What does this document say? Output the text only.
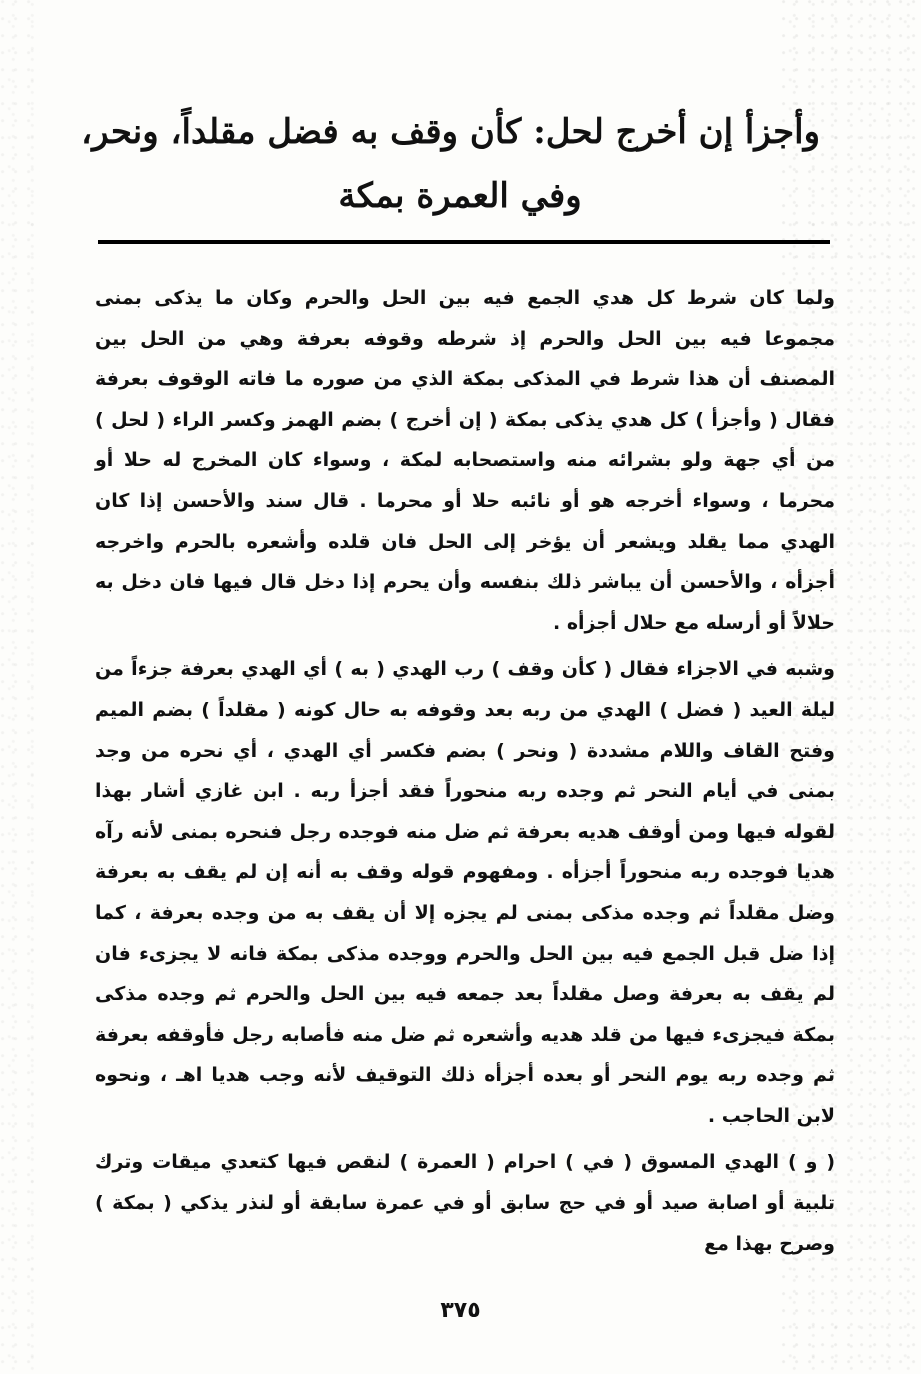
وأجزأ إن أخرج لحل: كأن وقف به فضل مقلداً، ونحر،
وفي العمرة بمكة

ولما كان شرط كل هدي الجمع فيه بين الحل والحرم وكان ما يذكى بمنى مجموعا فيه بين الحل والحرم إذ شرطه وقوفه بعرفة وهي من الحل بين المصنف أن هذا شرط في المذكى بمكة الذي من صوره ما فاته الوقوف بعرفة فقال ( وأجزأ ) كل هدي يذكى بمكة ( إن أخرج ) بضم الهمز وكسر الراء ( لحل ) من أي جهة ولو بشرائه منه واستصحابه لمكة ، وسواء كان المخرج له حلا أو محرما ، وسواء أخرجه هو أو نائبه حلا أو محرما . قال سند والأحسن إذا كان الهدي مما يقلد ويشعر أن يؤخر إلى الحل فان قلده وأشعره بالحرم واخرجه أجزأه ، والأحسن أن يباشر ذلك بنفسه وأن يحرم إذا دخل قال فيها فان دخل به حلالاً أو أرسله مع حلال أجزأه .

وشبه في الاجزاء فقال ( كأن وقف ) رب الهدي ( به ) أي الهدي بعرفة جزءاً من ليلة العيد ( فضل ) الهدي من ربه بعد وقوفه به حال كونه ( مقلداً ) بضم الميم وفتح القاف واللام مشددة ( ونحر ) بضم فكسر أي الهدي ، أي نحره من وجد بمنى في أيام النحر ثم وجده ربه منحوراً فقد أجزأ ربه . ابن غازي أشار بهذا لقوله فيها ومن أوقف هديه بعرفة ثم ضل منه فوجده رجل فنحره بمنى لأنه رآه هديا فوجده ربه منحوراً أجزأه . ومفهوم قوله وقف به أنه إن لم يقف به بعرفة وضل مقلداً ثم وجده مذكى بمنى لم يجزه إلا أن يقف به من وجده بعرفة ، كما إذا ضل قبل الجمع فيه بين الحل والحرم ووجده مذكى بمكة فانه لا يجزىء فان لم يقف به بعرفة وصل مقلداً بعد جمعه فيه بين الحل والحرم ثم وجده مذكى بمكة فيجزىء فيها من قلد هديه وأشعره ثم ضل منه فأصابه رجل فأوقفه بعرفة ثم وجده ربه يوم النحر أو بعده أجزأه ذلك التوقيف لأنه وجب هديا اهـ ، ونحوه لابن الحاجب .

( و ) الهدي المسوق ( في ) احرام ( العمرة ) لنقص فيها كتعدي ميقات وترك تلبية أو اصابة صيد أو في حج سابق أو في عمرة سابقة أو لنذر يذكي ( بمكة ) وصرح بهذا مع

٣٧٥
